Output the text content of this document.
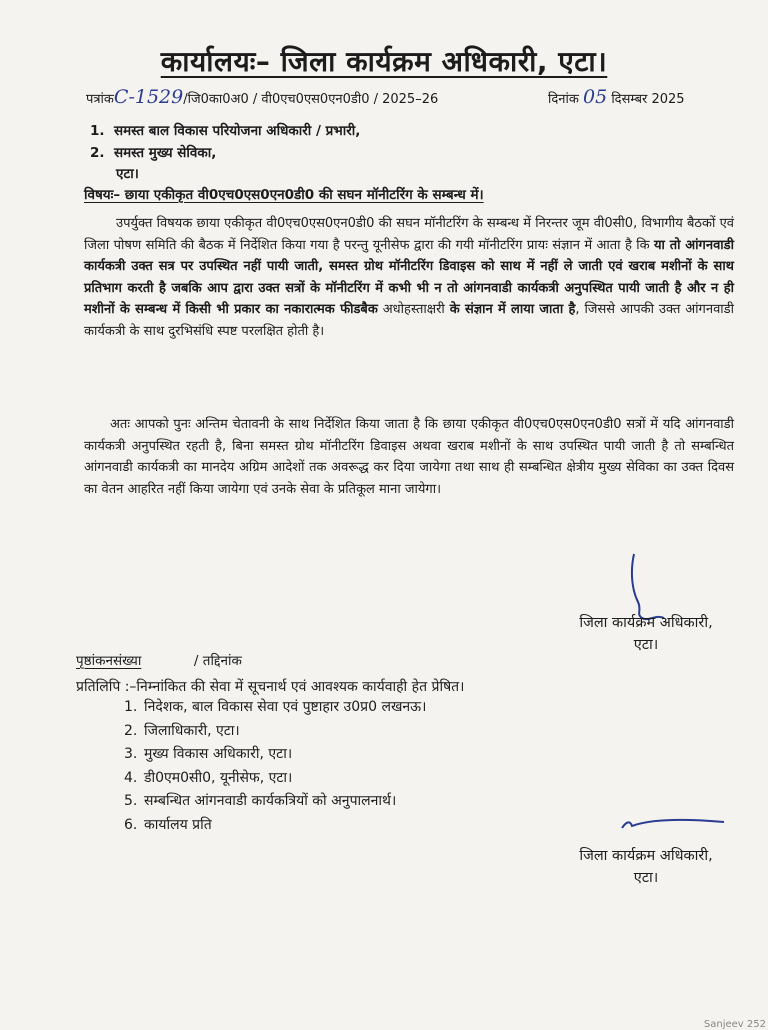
कार्यालयः– जिला कार्यक्रम अधिकारी, एटा।
पत्रांकC-1529/जि0का0अ0 / वी0एच0एस0एन0डी0 / 2025–26	दिनांक 05 दिसम्बर 2025
1. समस्त बाल विकास परियोजना अधिकारी / प्रभारी,
2. समस्त मुख्य सेविका,
एटा।
विषयः– छाया एकीकृत वी0एच0एस0एन0डी0 की सघन मॉनीटरिंग के सम्बन्ध में।

उपर्युक्त विषयक छाया एकीकृत वी0एच0एस0एन0डी0 की सघन मॉनीटरिंग के सम्बन्ध में निरन्तर जूम वी0सी0, विभागीय बैठकों एवं जिला पोषण समिति की बैठक में निर्देशित किया गया है परन्तु यूनीसेफ द्वारा की गयी मॉनीटरिंग प्रायः संज्ञान में आता है कि या तो आंगनवाडी कार्यकत्री उक्त सत्र पर उपस्थित नहीं पायी जाती, समस्त ग्रोथ मॉनीटरिंग डिवाइस को साथ में नहीं ले जाती एवं खराब मशीनों के साथ प्रतिभाग करती है जबकि आप द्वारा उक्त सत्रों के मॉनीटरिंग में कभी भी न तो आंगनवाडी कार्यकत्री अनुपस्थित पायी जाती है और न ही मशीनों के सम्बन्ध में किसी भी प्रकार का नकारात्मक फीडबैक अधोहस्ताक्षरी के संज्ञान में लाया जाता है, जिससे आपकी उक्त आंगनवाडी कार्यकत्री के साथ दुरभिसंधि स्पष्ट परलक्षित होती है।

अतः आपको पुनः अन्तिम चेतावनी के साथ निर्देशित किया जाता है कि छाया एकीकृत वी0एच0एस0एन0डी0 सत्रों में यदि आंगनवाडी कार्यकत्री अनुपस्थित रहती है, बिना समस्त ग्रोथ मॉनीटरिंग डिवाइस अथवा खराब मशीनों के साथ उपस्थित पायी जाती है तो सम्बन्धित आंगनवाडी कार्यकत्री का मानदेय अग्रिम आदेशों तक अवरूद्ध कर दिया जायेगा तथा साथ ही सम्बन्धित क्षेत्रीय मुख्य सेविका का उक्त दिवस का वेतन आहरित नहीं किया जायेगा एवं उनके सेवा के प्रतिकूल माना जायेगा।

जिला कार्यक्रम अधिकारी,
एटा।
पृष्ठांकनसंख्या	/ तद्दिनांक
प्रतिलिपि :–निम्नांकित की सेवा में सूचनार्थ एवं आवश्यक कार्यवाही हेत प्रेषित।
1. निदेशक, बाल विकास सेवा एवं पुष्टाहार उ0प्र0 लखनऊ।
2. जिलाधिकारी, एटा।
3. मुख्य विकास अधिकारी, एटा।
4. डी0एम0सी0, यूनीसेफ, एटा।
5. सम्बन्धित आंगनवाडी कार्यकत्रियों को अनुपालनार्थ।
6. कार्यालय प्रति
जिला कार्यक्रम अधिकारी,
एटा।
Sanjeev 252
